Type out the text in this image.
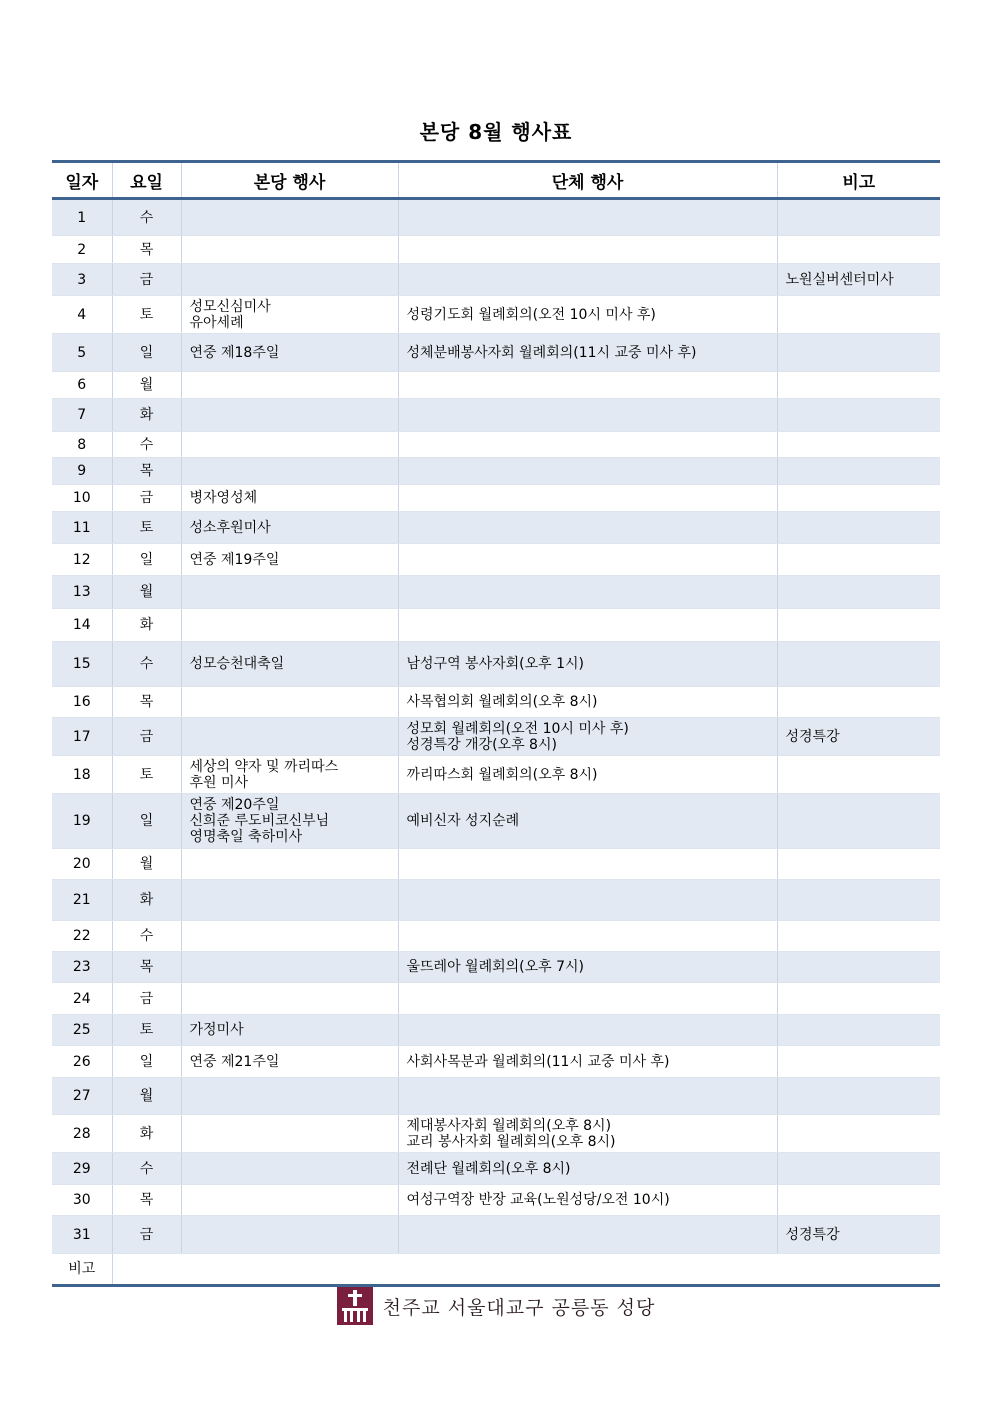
본당 8월 행사표
일자	요일	본당 행사	단체 행사	비고
1	수			
2	목			
3	금			노원실버센터미사
4	토	성모신심미사
유아세례	성령기도회 월례회의(오전 10시 미사 후)	
5	일	연중 제18주일	성체분배봉사자회 월례회의(11시 교중 미사 후)	
6	월			
7	화			
8	수			
9	목			
10	금	병자영성체		
11	토	성소후원미사		
12	일	연중 제19주일		
13	월			
14	화			
15	수	성모승천대축일	남성구역 봉사자회(오후 1시)	
16	목		사목협의회 월례회의(오후 8시)	
17	금		성모회 월례회의(오전 10시 미사 후)
성경특강 개강(오후 8시)	성경특강
18	토	세상의 약자 및 까리따스
후원 미사	까리따스회 월례회의(오후 8시)	
19	일	연중 제20주일
신희준 루도비코신부님
영명축일 축하미사	예비신자 성지순례	
20	월			
21	화			
22	수			
23	목		울뜨레아 월례회의(오후 7시)	
24	금			
25	토	가정미사		
26	일	연중 제21주일	사회사목분과 월례회의(11시 교중 미사 후)	
27	월			
28	화		제대봉사자회 월례회의(오후 8시)
교리 봉사자회 월례회의(오후 8시)	
29	수		전례단 월례회의(오후 8시)	
30	목		여성구역장 반장 교육(노원성당/오전 10시)	
31	금			성경특강
비고				
천주교 서울대교구 공릉동 성당
